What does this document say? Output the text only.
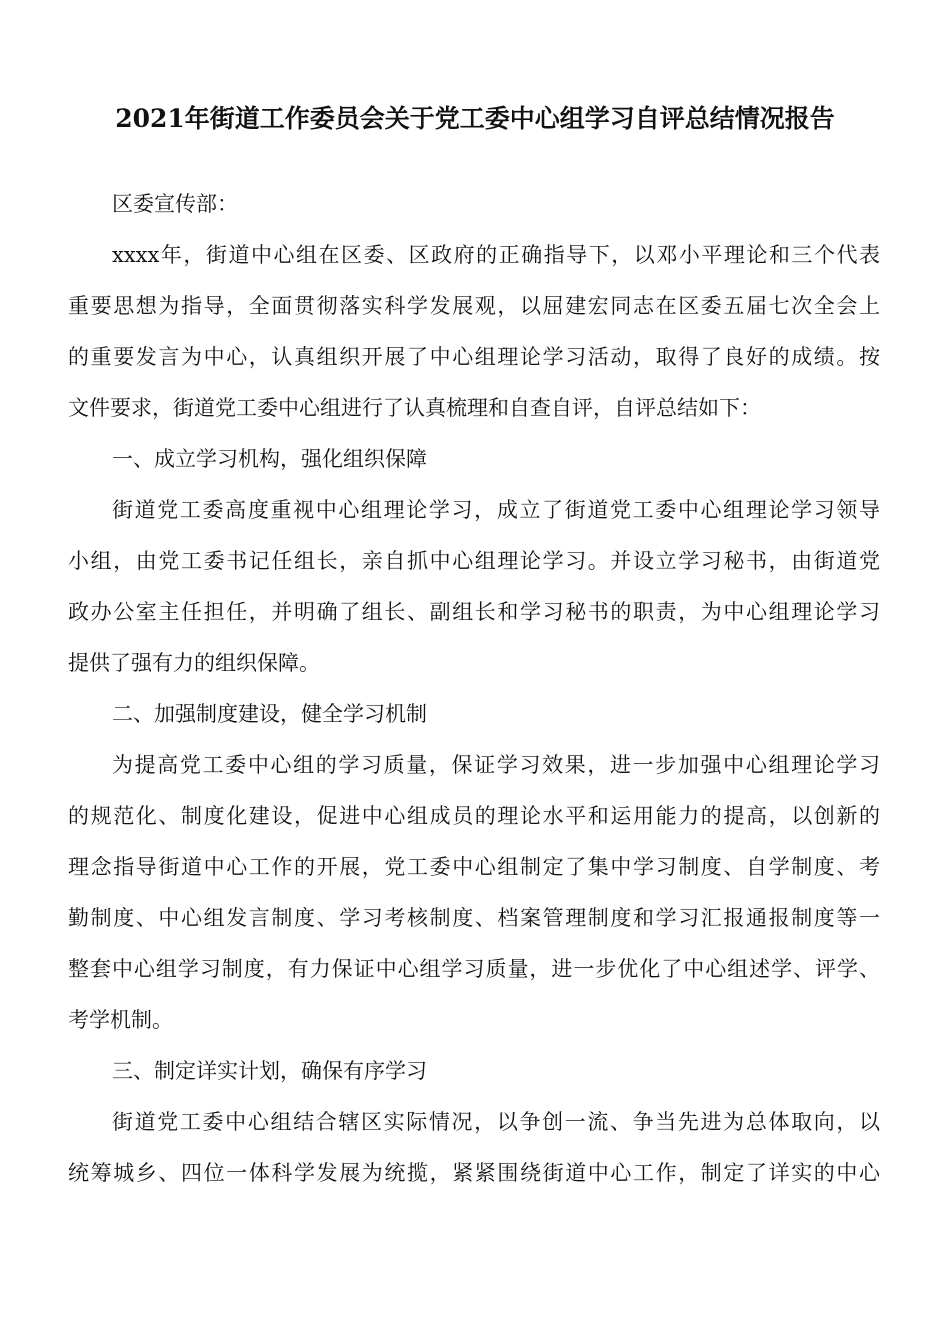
2021年街道工作委员会关于党工委中心组学习自评总结情况报告
区委宣传部：
xxxx年，街道中心组在区委、区政府的正确指导下，以邓小平理论和三个代表
重要思想为指导，全面贯彻落实科学发展观，以屈建宏同志在区委五届七次全会上
的重要发言为中心，认真组织开展了中心组理论学习活动，取得了良好的成绩。按
文件要求，街道党工委中心组进行了认真梳理和自查自评，自评总结如下：
一、成立学习机构，强化组织保障
街道党工委高度重视中心组理论学习，成立了街道党工委中心组理论学习领导
小组，由党工委书记任组长，亲自抓中心组理论学习。并设立学习秘书，由街道党
政办公室主任担任，并明确了组长、副组长和学习秘书的职责，为中心组理论学习
提供了强有力的组织保障。
二、加强制度建设，健全学习机制
为提高党工委中心组的学习质量，保证学习效果，进一步加强中心组理论学习
的规范化、制度化建设，促进中心组成员的理论水平和运用能力的提高，以创新的
理念指导街道中心工作的开展，党工委中心组制定了集中学习制度、自学制度、考
勤制度、中心组发言制度、学习考核制度、档案管理制度和学习汇报通报制度等一
整套中心组学习制度，有力保证中心组学习质量，进一步优化了中心组述学、评学、
考学机制。
三、制定详实计划，确保有序学习
街道党工委中心组结合辖区实际情况，以争创一流、争当先进为总体取向，以
统筹城乡、四位一体科学发展为统揽，紧紧围绕街道中心工作，制定了详实的中心
